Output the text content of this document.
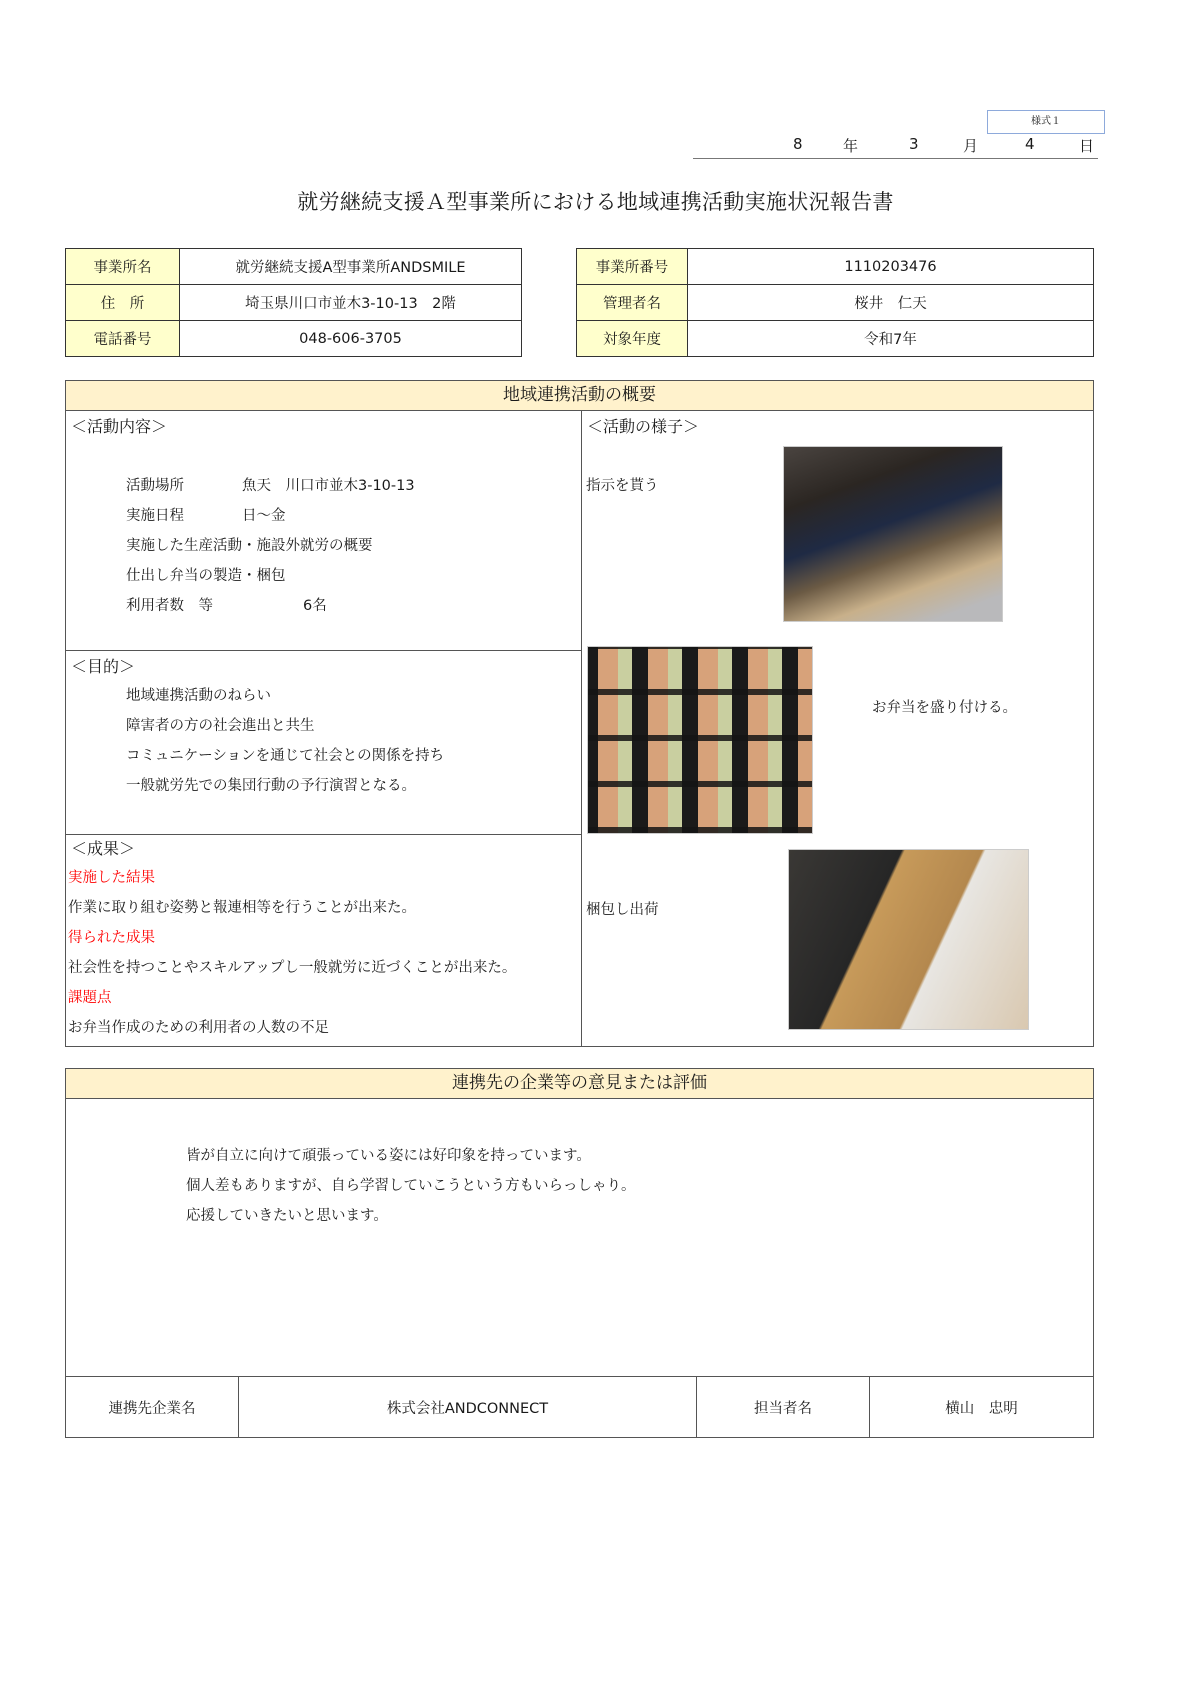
様式１
8	年	3	月	4	日
就労継続支援Ａ型事業所における地域連携活動実施状況報告書
事業所名	就労継続支援A型事業所ANDSMILE
住　所	埼玉県川口市並木3-10-13　2階
電話番号	048-606-3705
事業所番号	1110203476
管理者名	桜井　仁天
対象年度	令和7年
地域連携活動の概要
＜活動内容＞
活動場所	魚天　川口市並木3-10-13
実施日程	日～金
実施した生産活動・施設外就労の概要
仕出し弁当の製造・梱包
利用者数　等	6名
＜目的＞
地域連携活動のねらい
障害者の方の社会進出と共生
コミュニケーションを通じて社会との関係を持ち
一般就労先での集団行動の予行演習となる。
＜成果＞
実施した結果
作業に取り組む姿勢と報連相等を行うことが出来た。
得られた成果
社会性を持つことやスキルアップし一般就労に近づくことが出来た。
課題点
お弁当作成のための利用者の人数の不足
＜活動の様子＞
指示を貰う
お弁当を盛り付ける。
梱包し出荷
連携先の企業等の意見または評価
皆が自立に向けて頑張っている姿には好印象を持っています。
個人差もありますが、自ら学習していこうという方もいらっしゃり。
応援していきたいと思います。
連携先企業名	株式会社ANDCONNECT	担当者名	横山　忠明
